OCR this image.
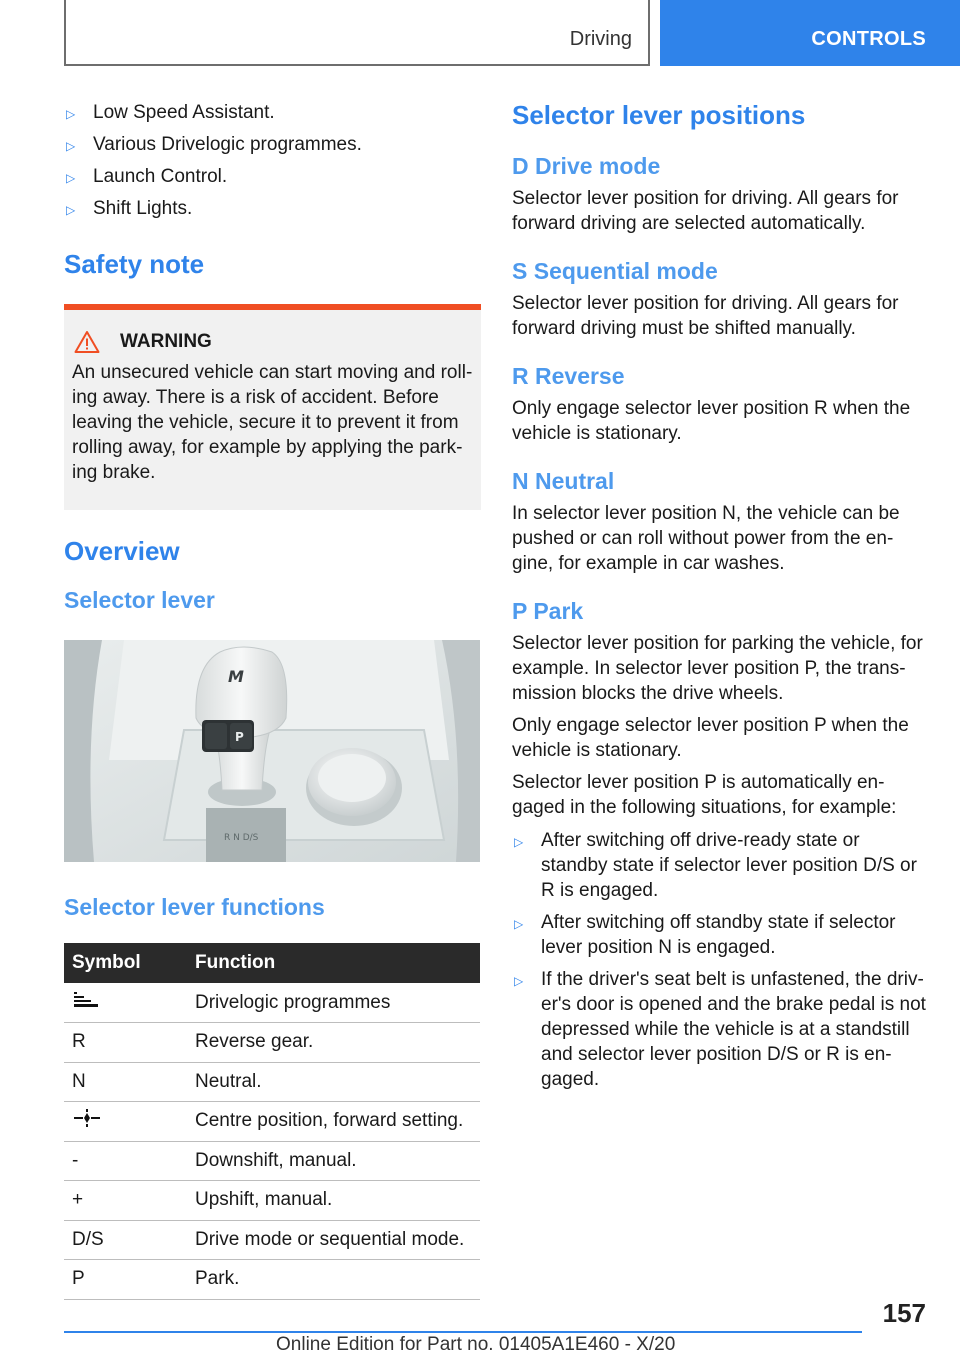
Driving	CONTROLS
▷ Low Speed Assistant.
▷ Various Drivelogic programmes.
▷ Launch Control.
▷ Shift Lights.
Safety note
WARNING
An unsecured vehicle can start moving and rolling away. There is a risk of accident. Before leaving the vehicle, secure it to prevent it from rolling away, for example by applying the parking brake.
Overview
Selector lever
R N D/S
M
P
Selector lever functions
Symbol	Function
	Drivelogic programmes
R	Reverse gear.
N	Neutral.
	Centre position, forward setting.
-	Downshift, manual.
+	Upshift, manual.
D/S	Drive mode or sequential mode.
P	Park.
Selector lever positions
D Drive mode

Selector lever position for driving. All gears for forward driving are selected automatically.

S Sequential mode

Selector lever position for driving. All gears for forward driving must be shifted manually.

R Reverse

Only engage selector lever position R when the vehicle is stationary.

N Neutral

In selector lever position N, the vehicle can be pushed or can roll without power from the engine, for example in car washes.

P Park

Selector lever position for parking the vehicle, for example. In selector lever position P, the transmission blocks the drive wheels.

Only engage selector lever position P when the vehicle is stationary.

Selector lever position P is automatically engaged in the following situations, for example:

▷ After switching off drive-ready state or standby state if selector lever position D/S or R is engaged.
▷ After switching off standby state if selector lever position N is engaged.
▷ If the driver's seat belt is unfastened, the driver's door is opened and the brake pedal is not depressed while the vehicle is at a standstill and selector lever position D/S or R is engaged.
157
Online Edition for Part no. 01405A1E460 - X/20
